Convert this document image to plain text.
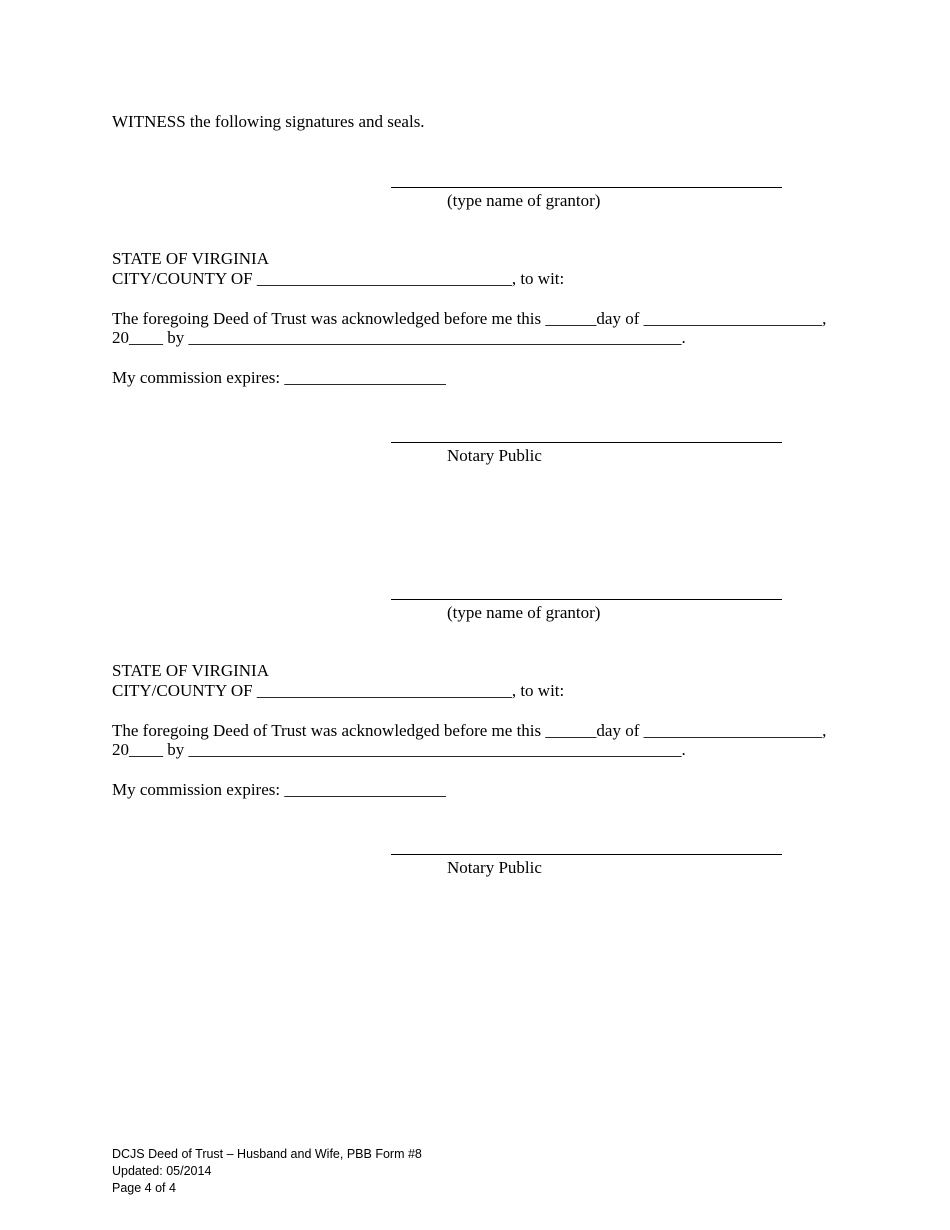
WITNESS the following signatures and seals.
(type name of grantor)
STATE OF VIRGINIA
CITY/COUNTY OF ______________________________, to wit:
The foregoing Deed of Trust was acknowledged before me this ______day of _____________________,
20____ by __________________________________________________________.
My commission expires: ___________________
Notary Public
(type name of grantor)
STATE OF VIRGINIA
CITY/COUNTY OF ______________________________, to wit:
The foregoing Deed of Trust was acknowledged before me this ______day of _____________________,
20____ by __________________________________________________________.
My commission expires: ___________________
Notary Public
DCJS Deed of Trust – Husband and Wife, PBB Form #8
Updated: 05/2014
Page 4 of 4
